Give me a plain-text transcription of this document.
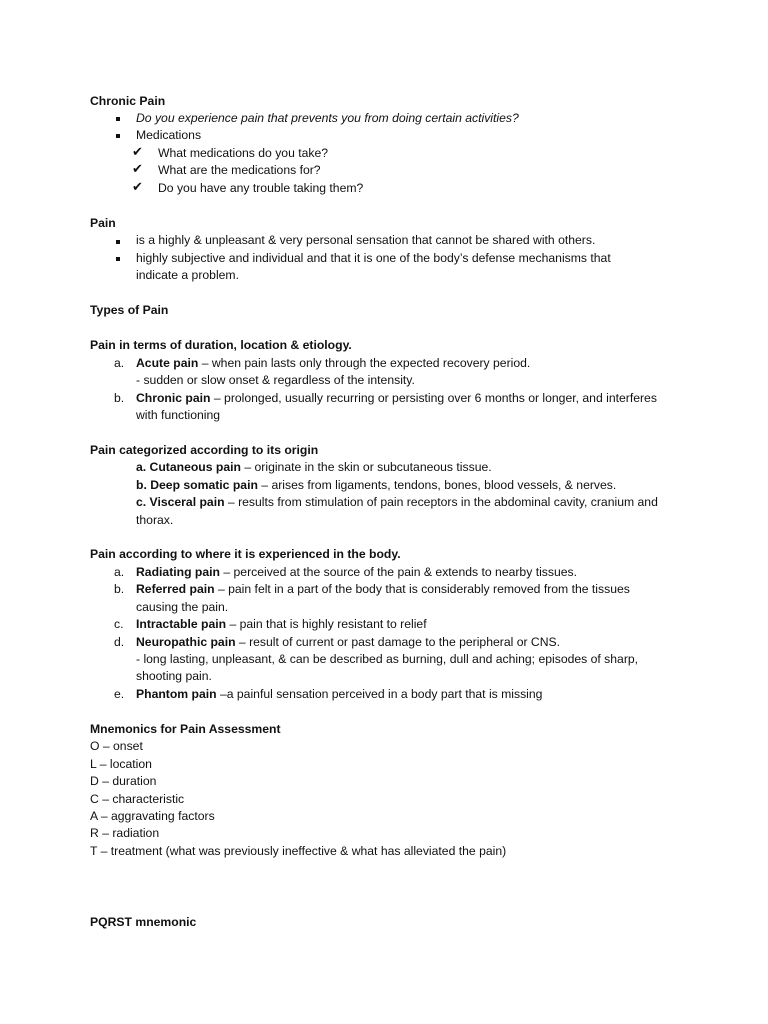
Chronic Pain
Do you experience pain that prevents you from doing certain activities?
Medications
✔ What medications do you take?
✔ What are the medications for?
✔ Do you have any trouble taking them?
Pain
is a highly & unpleasant & very personal sensation that cannot be shared with others.
highly subjective and individual and that it is one of the body’s defense mechanisms that
indicate a problem.
Types of Pain
Pain in terms of duration, location & etiology.
a. Acute pain – when pain lasts only through the expected recovery period.
- sudden or slow onset & regardless of the intensity.
b. Chronic pain – prolonged, usually recurring or persisting over 6 months or longer, and interferes
with functioning
Pain categorized according to its origin
a. Cutaneous pain – originate in the skin or subcutaneous tissue.
b. Deep somatic pain – arises from ligaments, tendons, bones, blood vessels, & nerves.
c. Visceral pain – results from stimulation of pain receptors in the abdominal cavity, cranium and
thorax.
Pain according to where it is experienced in the body.
a. Radiating pain – perceived at the source of the pain & extends to nearby tissues.
b. Referred pain – pain felt in a part of the body that is considerably removed from the tissues
causing the pain.
c. Intractable pain – pain that is highly resistant to relief
d. Neuropathic pain – result of current or past damage to the peripheral or CNS.
- long lasting, unpleasant, & can be described as burning, dull and aching; episodes of sharp,
shooting pain.
e. Phantom pain –a painful sensation perceived in a body part that is missing
Mnemonics for Pain Assessment
O – onset
L – location
D – duration
C – characteristic
A – aggravating factors
R – radiation
T – treatment (what was previously ineffective & what has alleviated the pain)
PQRST mnemonic
